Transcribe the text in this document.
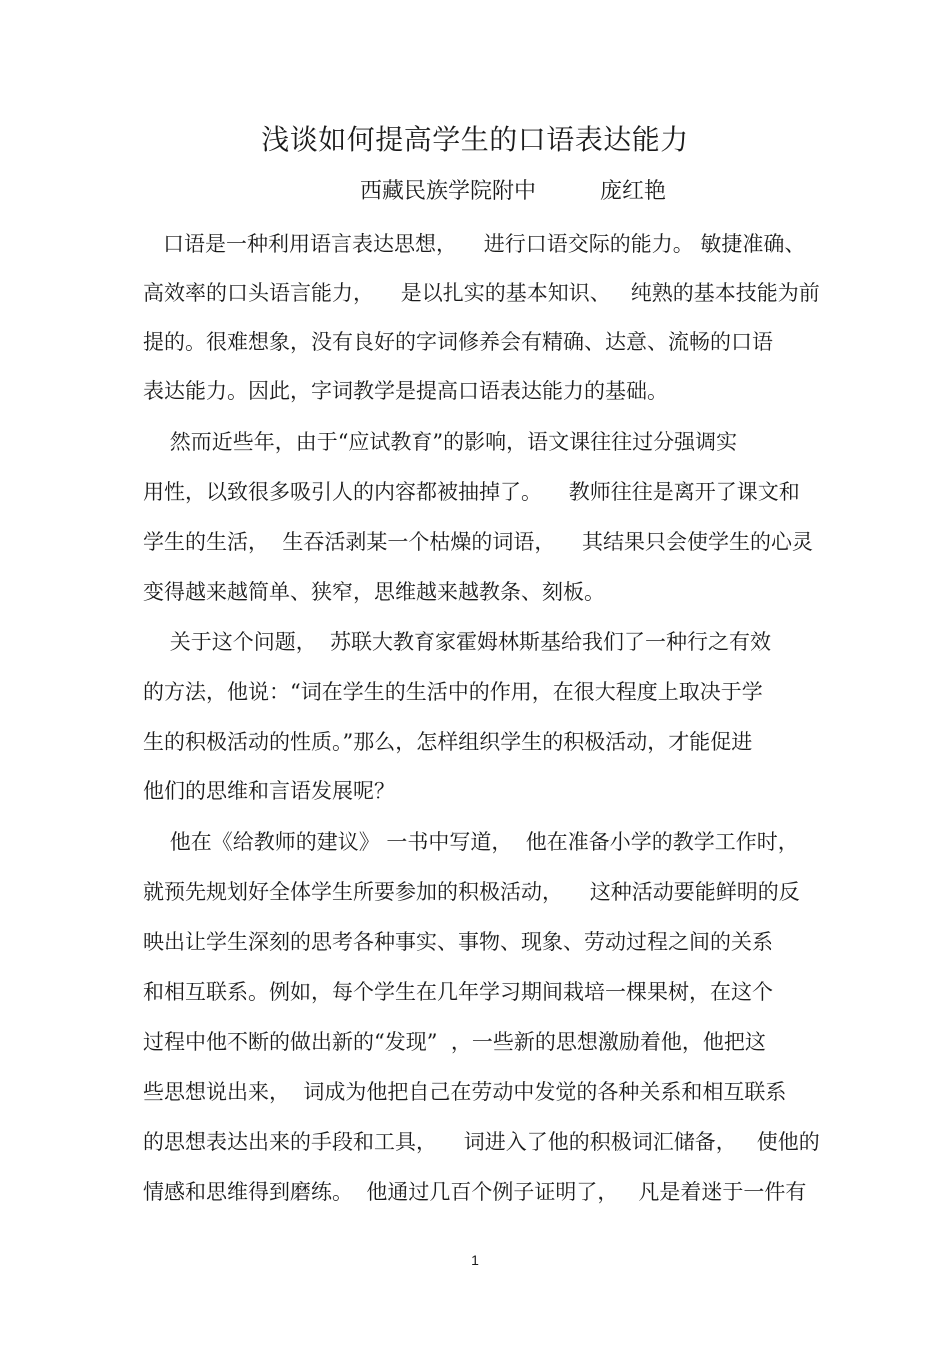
浅谈如何提高学生的口语表达能力
西藏民族学院附中	庞红艳
口语是一种利用语言表达思想，    进行口语交际的能力。 敏捷准确、
高效率的口头语言能力，    是以扎实的基本知识、   纯熟的基本技能为前
提的。很难想象，没有良好的字词修养会有精确、达意、流畅的口语
表达能力。因此，字词教学是提高口语表达能力的基础。
然而近些年，由于“应试教育”的影响，语文课往往过分强调实
用性，以致很多吸引人的内容都被抽掉了。    教师往往是离开了课文和
学生的生活，  生吞活剥某一个枯燥的词语，    其结果只会使学生的心灵
变得越来越简单、狭窄，思维越来越教条、刻板。
关于这个问题，  苏联大教育家霍姆林斯基给我们了一种行之有效
的方法，他说：“词在学生的生活中的作用，在很大程度上取决于学
生的积极活动的性质。”那么，怎样组织学生的积极活动，才能促进
他们的思维和言语发展呢？
他在《给教师的建议》 一书中写道，  他在准备小学的教学工作时，
就预先规划好全体学生所要参加的积极活动，    这种活动要能鲜明的反
映出让学生深刻的思考各种事实、事物、现象、劳动过程之间的关系
和相互联系。例如，每个学生在几年学习期间栽培一棵果树，在这个
过程中他不断的做出新的“发现”  ，一些新的思想激励着他，他把这
些思想说出来，  词成为他把自己在劳动中发觉的各种关系和相互联系
的思想表达出来的手段和工具，    词进入了他的积极词汇储备，   使他的
情感和思维得到磨练。  他通过几百个例子证明了，   凡是着迷于一件有
1
